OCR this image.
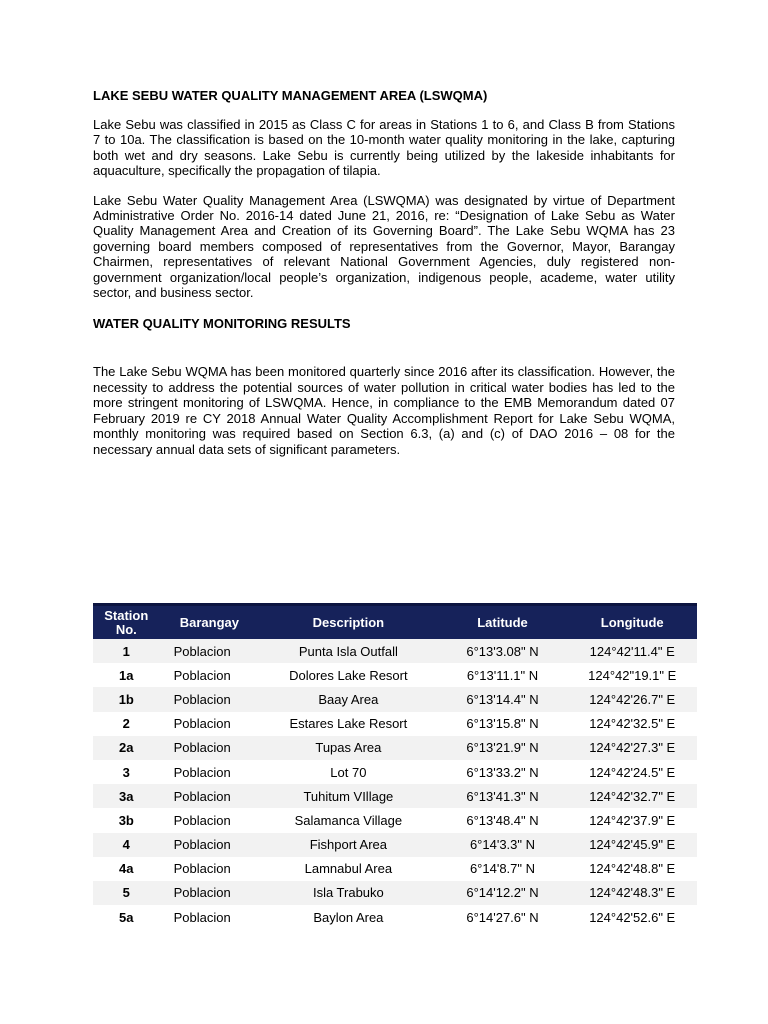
LAKE SEBU WATER QUALITY MANAGEMENT AREA (LSWQMA)

Lake Sebu was classified in 2015 as Class C for areas in Stations 1 to 6, and Class B from Stations 7 to 10a. The classification is based on the 10-month water quality monitoring in the lake, capturing both wet and dry seasons. Lake Sebu is currently being utilized by the lakeside inhabitants for aquaculture, specifically the propagation of tilapia.

Lake Sebu Water Quality Management Area (LSWQMA) was designated by virtue of Department Administrative Order No. 2016-14 dated June 21, 2016, re: “Designation of Lake Sebu as Water Quality Management Area and Creation of its Governing Board”. The Lake Sebu WQMA has 23 governing board members composed of representatives from the Governor, Mayor, Barangay Chairmen, representatives of relevant National Government Agencies, duly registered non-government organization/local people’s organization, indigenous people, academe, water utility sector, and business sector.

WATER QUALITY MONITORING RESULTS

The Lake Sebu WQMA has been monitored quarterly since 2016 after its classification. However, the necessity to address the potential sources of water pollution in critical water bodies has led to the more stringent monitoring of LSWQMA. Hence, in compliance to the EMB Memorandum dated 07 February 2019 re CY 2018 Annual Water Quality Accomplishment Report for Lake Sebu WQMA, monthly monitoring was required based on Section 6.3, (a) and (c) of DAO 2016 – 08 for the necessary annual data sets of significant parameters.

Station No.	Barangay	Description	Latitude	Longitude
1	Poblacion	Punta Isla Outfall	6°13'3.08" N	124°42'11.4" E
1a	Poblacion	Dolores Lake Resort	6°13'11.1" N	124°42"19.1" E
1b	Poblacion	Baay Area	6°13'14.4" N	124°42'26.7" E
2	Poblacion	Estares Lake Resort	6°13'15.8" N	124°42'32.5" E
2a	Poblacion	Tupas Area	6°13'21.9" N	124°42'27.3" E
3	Poblacion	Lot 70	6°13'33.2" N	124°42'24.5" E
3a	Poblacion	Tuhitum VIllage	6°13'41.3" N	124°42'32.7" E
3b	Poblacion	Salamanca Village	6°13'48.4" N	124°42'37.9" E
4	Poblacion	Fishport Area	6°14'3.3" N	124°42'45.9" E
4a	Poblacion	Lamnabul Area	6°14'8.7" N	124°42'48.8" E
5	Poblacion	Isla Trabuko	6°14'12.2" N	124°42'48.3" E
5a	Poblacion	Baylon Area	6°14'27.6" N	124°42'52.6" E
